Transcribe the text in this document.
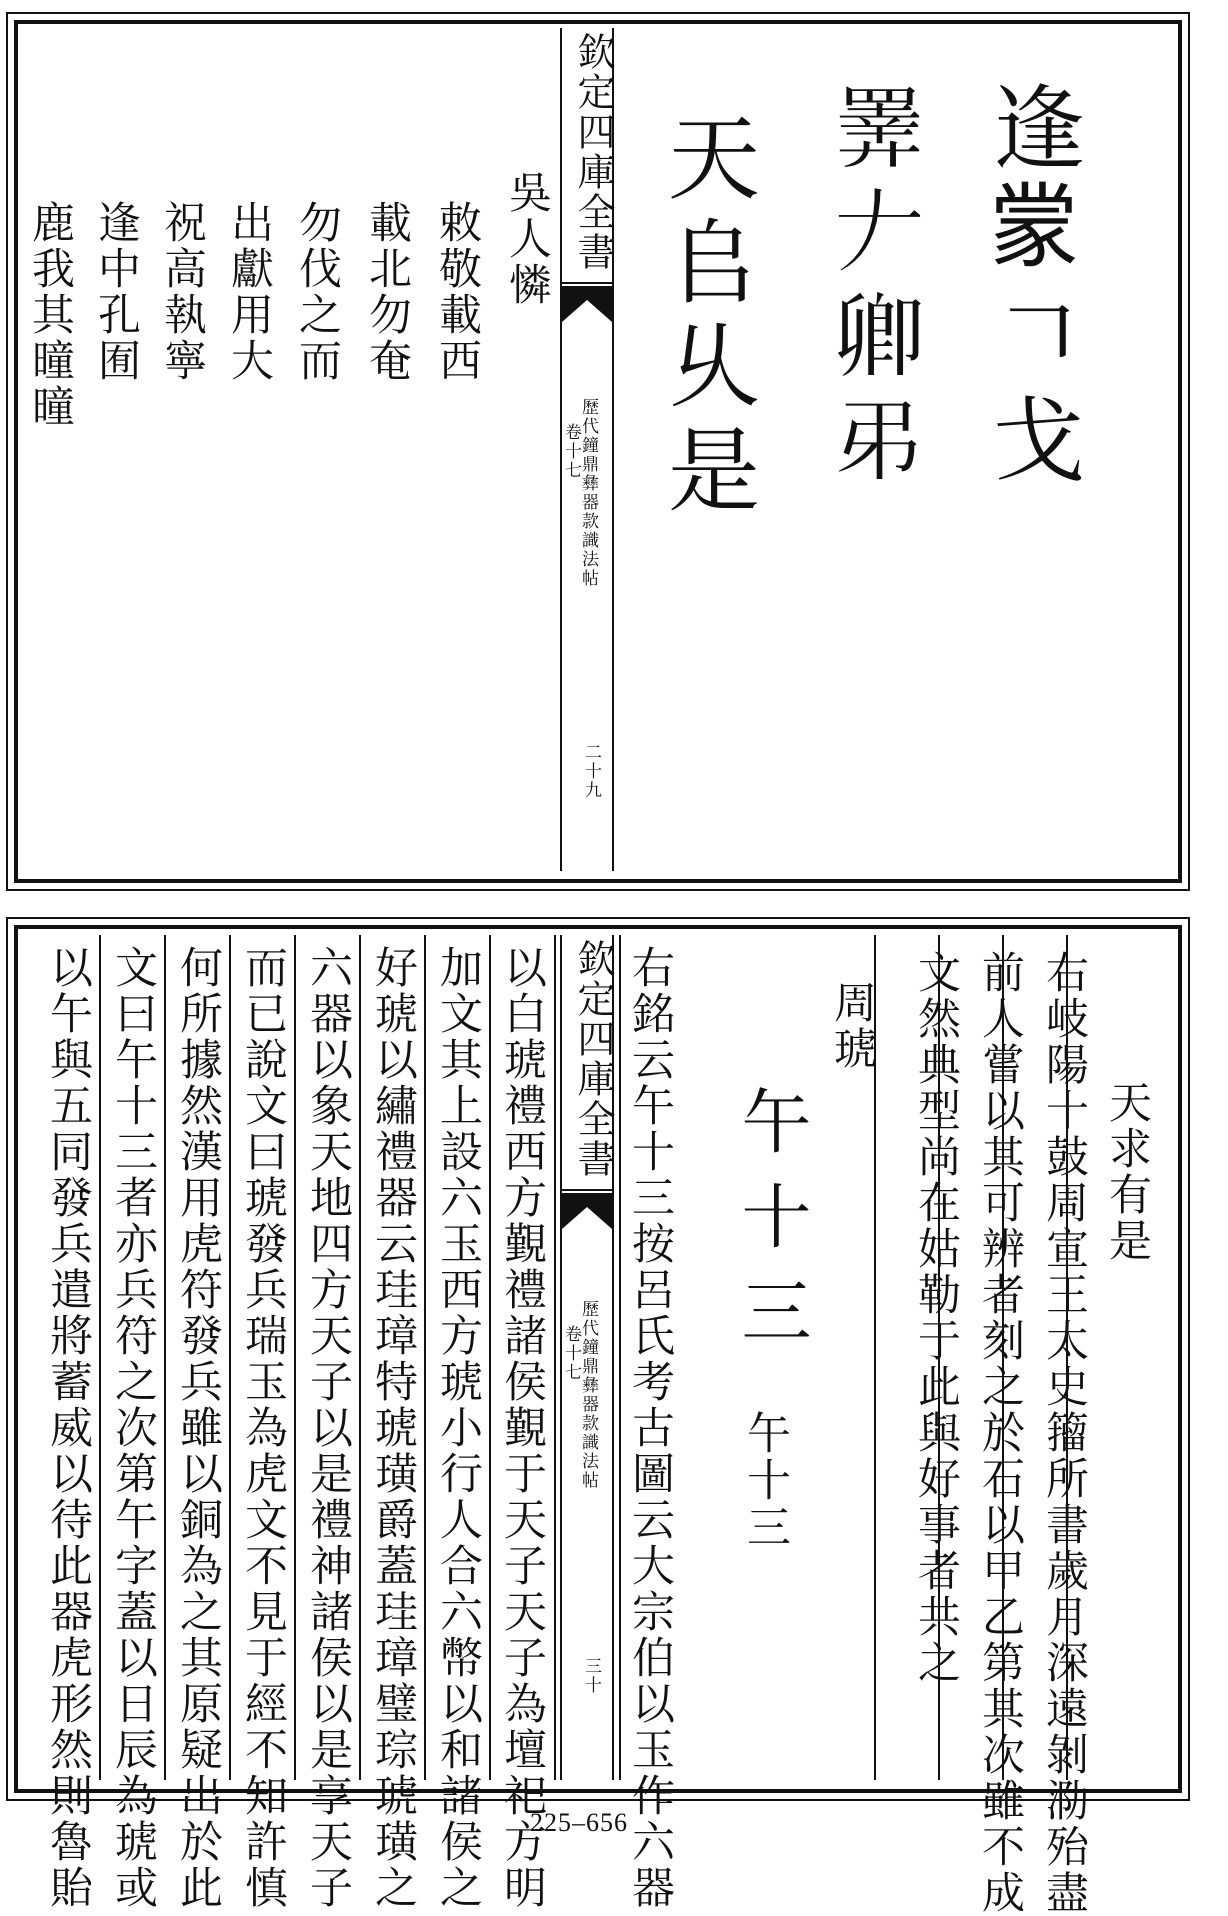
逢𫎇𠃍戈
𢍰𠂇卿𢎨
天𠂤乆是
欽定四庫全書
歷代鐘鼎彝器款識法帖
卷十七
二十九
吳人憐
敕敬載西
載北勿奄
勿伐之而
出獻用大
祝高執寧
逢中孔囿
鹿我其曈曈
天求有是
右岐陽十鼓周宣王太史籀所書歲月深遠剝泐殆盡
前人嘗以其可辨者刻之於石以甲乙第其次雖不成
文然典型尚在姑勒于此與好事者共之
周琥
午十三
午十三
右銘云午十三按呂氏考古圖云大宗伯以玉作六器
欽定四庫全書
歷代鐘鼎彝器款識法帖
卷十七
三十
以白琥禮西方覲禮諸侯覲于天子天子為壇祀方明
加文其上設六玉西方琥小行人合六幣以和諸侯之
好琥以繡禮器云珪璋特琥璜爵蓋珪璋璧琮琥璜之
六器以象天地四方天子以是禮神諸侯以是享天子
而已說文曰琥發兵瑞玉為虎文不見于經不知許慎
何所據然漢用虎符發兵雖以銅為之其原疑出於此
文曰午十三者亦兵符之次第午字蓋以日辰為琥或
以午與五同發兵遣將蓄威以待此器虎形然則魯貽	225–656
